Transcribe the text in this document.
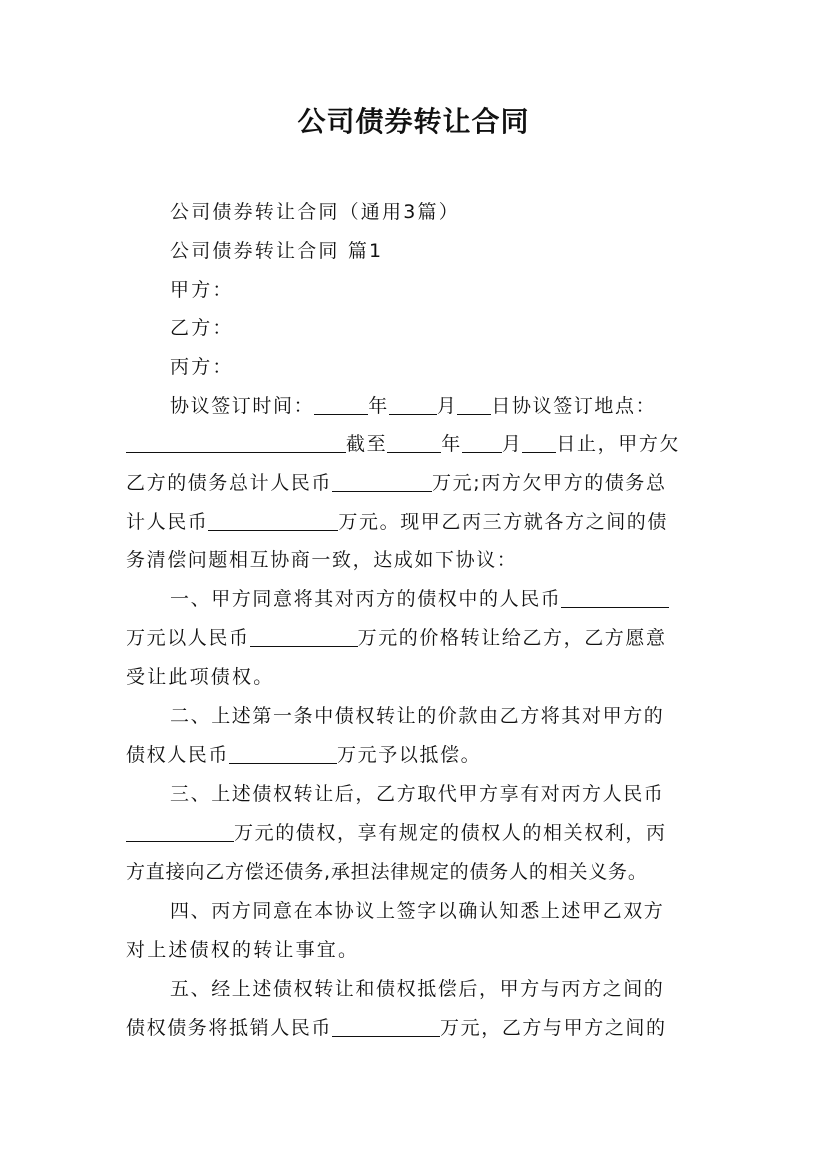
公司债券转让合同
公司债券转让合同（通用3篇）
公司债券转让合同 篇1
甲方：
乙方：
丙方：
协议签订时间：	年	月 日协议签订地点：
截至	年 月 日止，甲方欠
乙方的债务总计人民币	万元;丙方欠甲方的债务总
计人民币	万元。现甲乙丙三方就各方之间的债
务清偿问题相互协商一致，达成如下协议：
一、甲方同意将其对丙方的债权中的人民币
万元以人民币	万元的价格转让给乙方，乙方愿意
受让此项债权。
二、上述第一条中债权转让的价款由乙方将其对甲方的
债权人民币	万元予以抵偿。
三、上述债权转让后，乙方取代甲方享有对丙方人民币
万元的债权，享有规定的债权人的相关权利，丙
方直接向乙方偿还债务,承担法律规定的债务人的相关义务。
四、丙方同意在本协议上签字以确认知悉上述甲乙双方
对上述债权的转让事宜。
五、经上述债权转让和债权抵偿后，甲方与丙方之间的
债权债务将抵销人民币	万元，乙方与甲方之间的
